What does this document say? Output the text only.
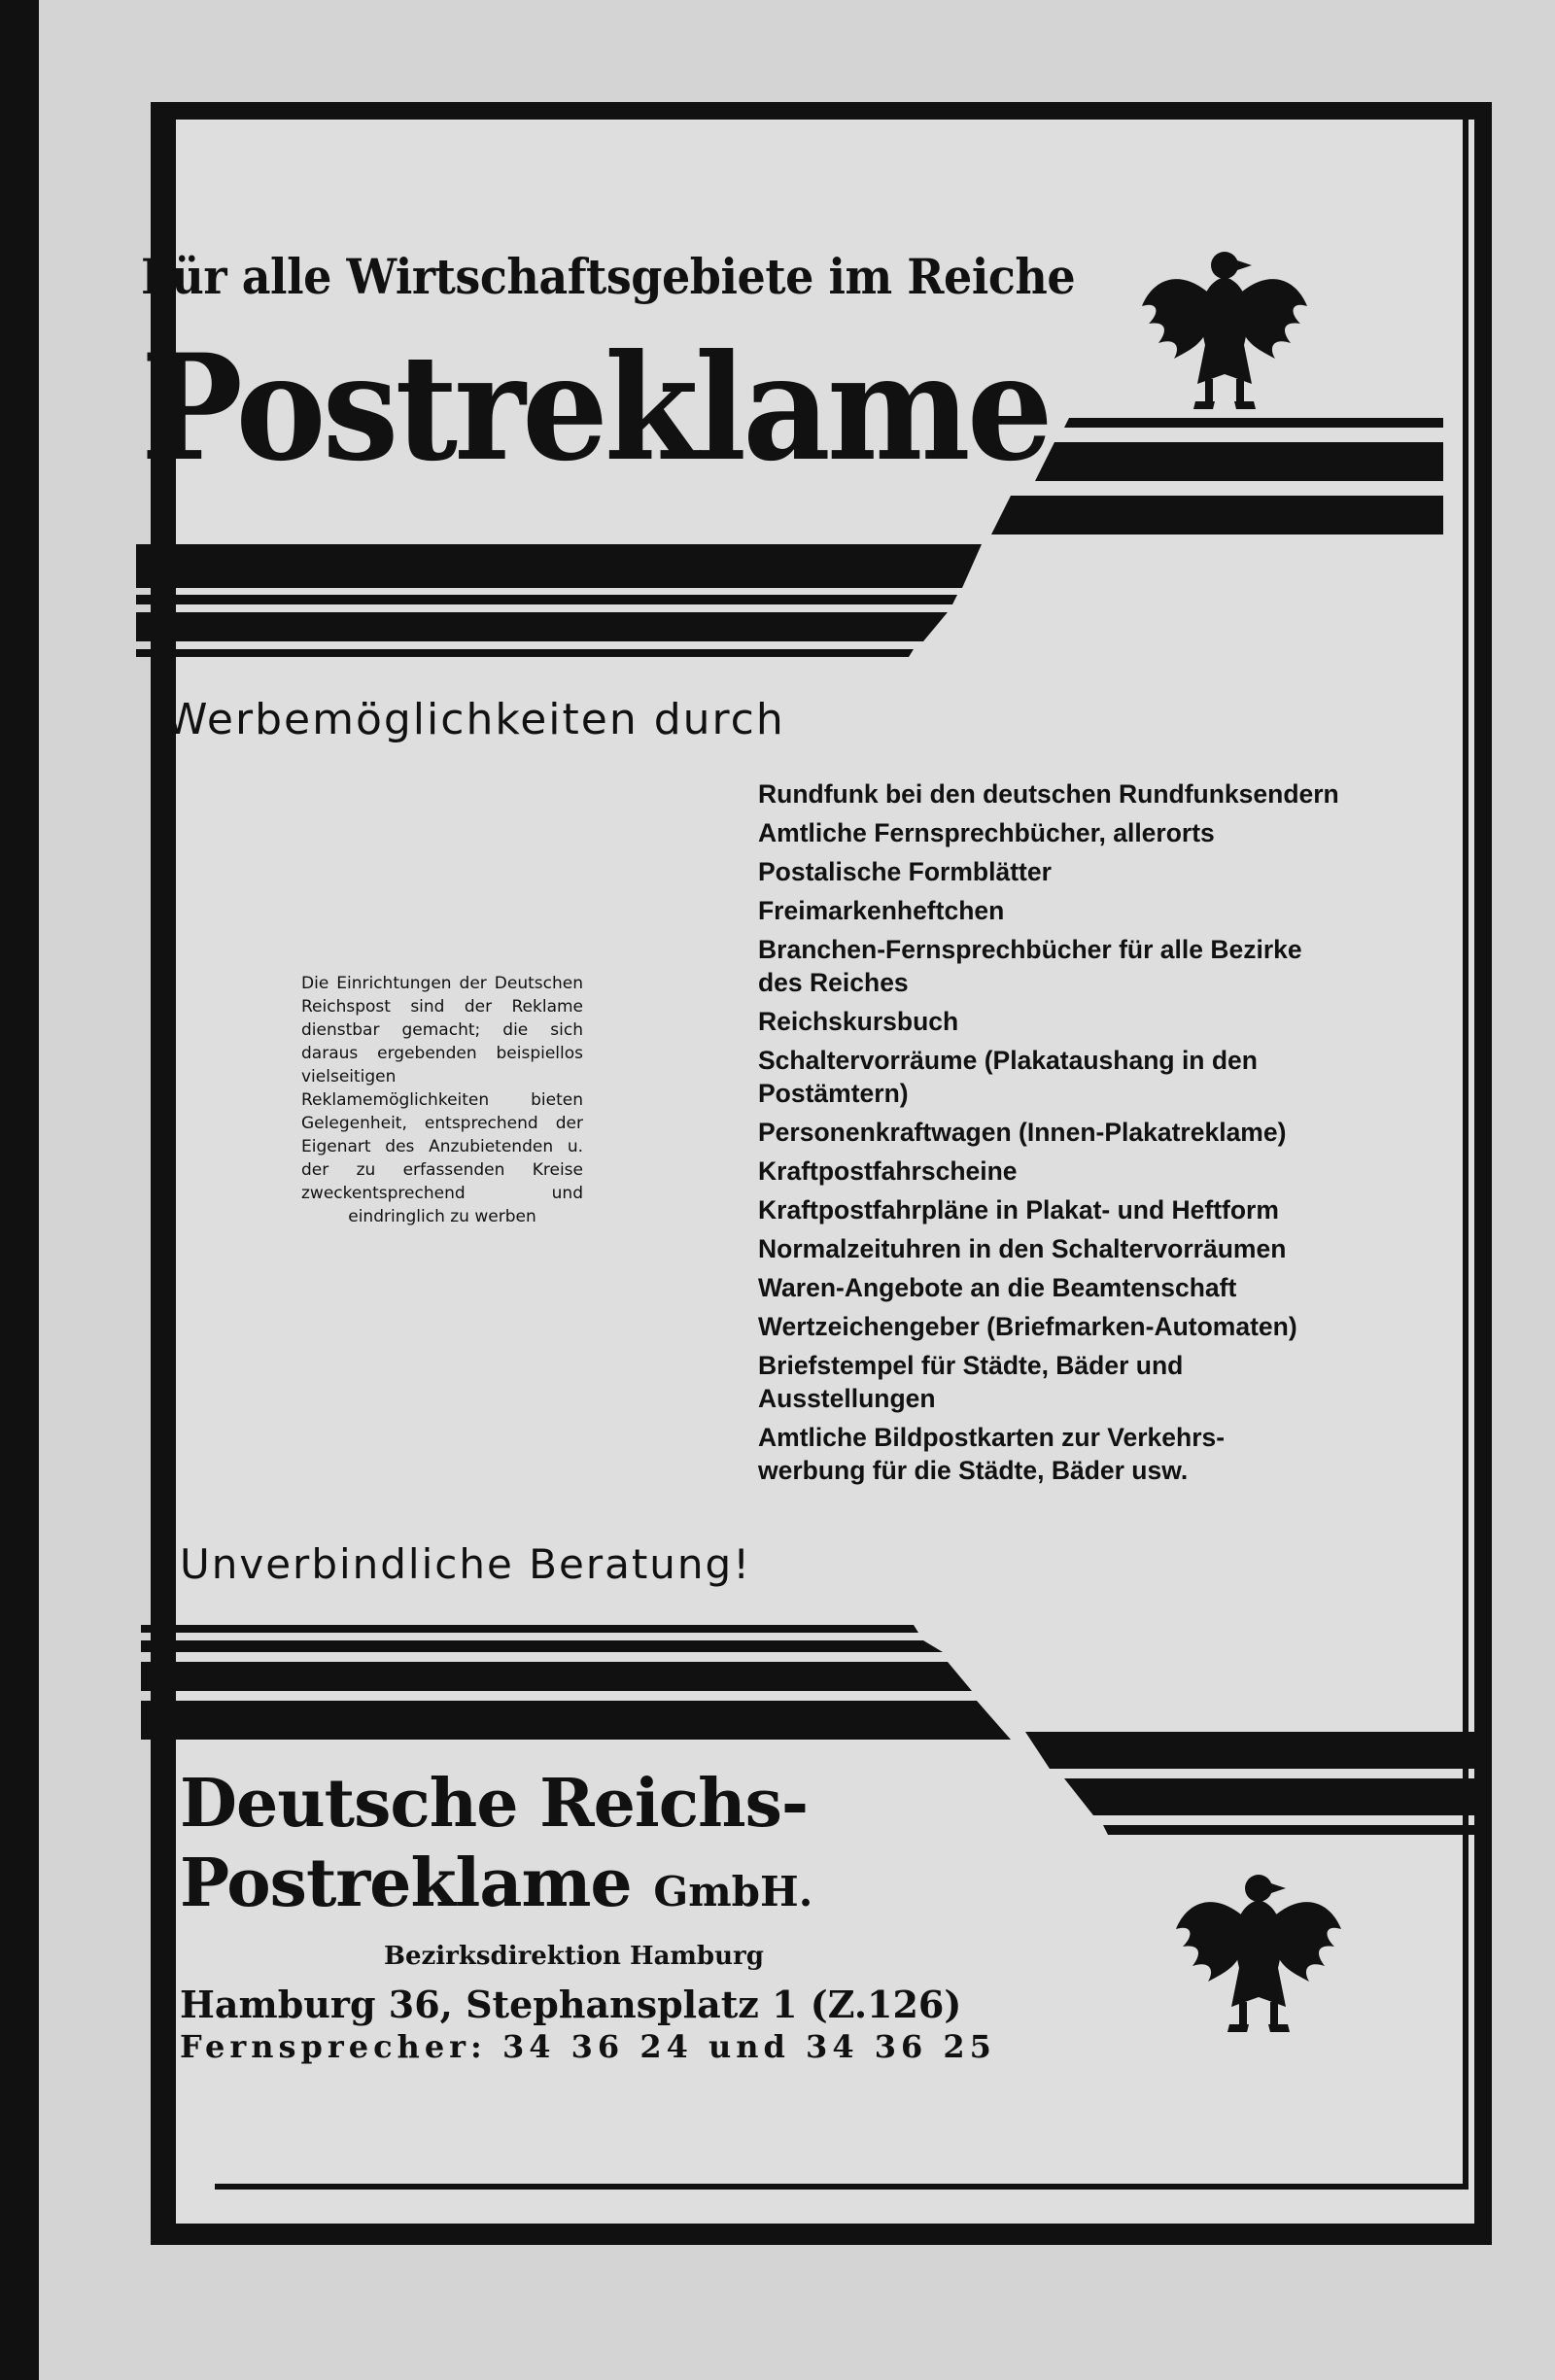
Für alle Wirtschaftsgebiete im Reiche
Postreklame
Werbemöglichkeiten durch
Die Einrichtungen der Deutschen Reichspost sind der Reklame dienstbar gemacht; die sich daraus ergebenden beispiellos vielseitigen Reklamemöglichkeiten bieten Gelegenheit, entsprechend der Eigenart des Anzubietenden u. der zu erfassenden Kreise zweckentsprechend und eindringlich zu werben
Rundfunk bei den deutschen Rundfunksendern
Amtliche Fernsprechbücher, allerorts
Postalische Formblätter
Freimarkenheftchen
Branchen-Fernsprechbücher für alle Bezirke
des Reiches
Reichskursbuch
Schaltervorräume (Plakataushang in den
Postämtern)
Personenkraftwagen (Innen-Plakatreklame)
Kraftpostfahrscheine
Kraftpostfahrpläne in Plakat- und Heftform
Normalzeituhren in den Schaltervorräumen
Waren-Angebote an die Beamtenschaft
Wertzeichengeber (Briefmarken-Automaten)
Briefstempel für Städte, Bäder und
Ausstellungen
Amtliche Bildpostkarten zur Verkehrs-
werbung für die Städte, Bäder usw.
Unverbindliche Beratung!
Deutsche Reichs-
Postreklame GmbH.
Bezirksdirektion Hamburg
Hamburg 36, Stephansplatz 1 (Z.126)
Fernsprecher: 34 36 24 und 34 36 25
